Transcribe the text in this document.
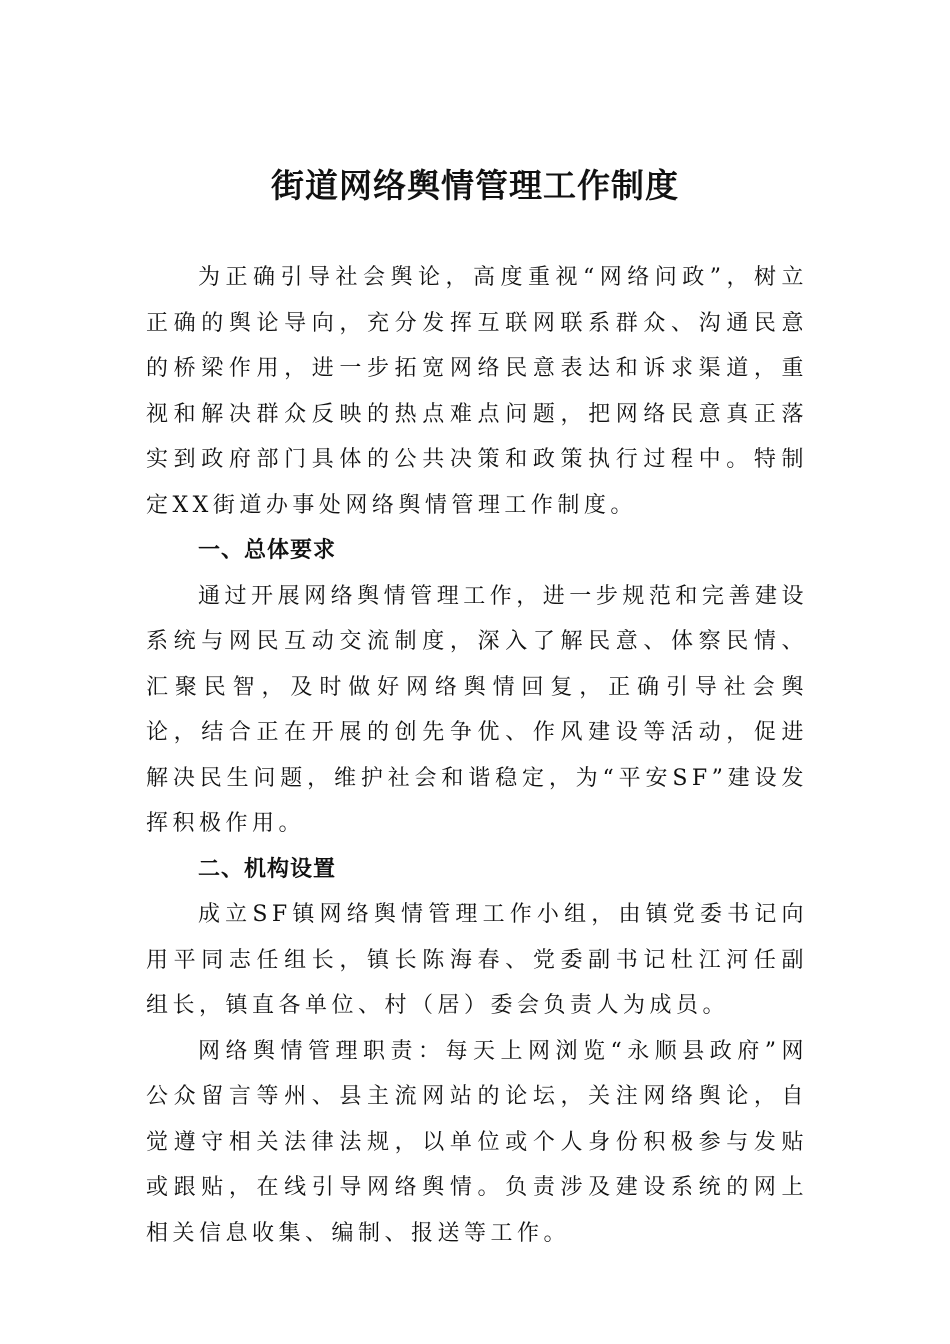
街道网络舆情管理工作制度

为正确引导社会舆论，高度重视“网络问政”，树立正确的舆论导向，充分发挥互联网联系群众、沟通民意的桥梁作用，进一步拓宽网络民意表达和诉求渠道，重视和解决群众反映的热点难点问题，把网络民意真正落实到政府部门具体的公共决策和政策执行过程中。特制定XX街道办事处网络舆情管理工作制度。

一、总体要求

通过开展网络舆情管理工作，进一步规范和完善建设系统与网民互动交流制度，深入了解民意、体察民情、汇聚民智，及时做好网络舆情回复，正确引导社会舆论，结合正在开展的创先争优、作风建设等活动，促进解决民生问题，维护社会和谐稳定，为“平安SF”建设发挥积极作用。

二、机构设置

成立SF镇网络舆情管理工作小组，由镇党委书记向用平同志任组长，镇长陈海春、党委副书记杜江河任副组长，镇直各单位、村（居）委会负责人为成员。

网络舆情管理职责：每天上网浏览“永顺县政府”网公众留言等州、县主流网站的论坛，关注网络舆论，自觉遵守相关法律法规，以单位或个人身份积极参与发贴或跟贴，在线引导网络舆情。负责涉及建设系统的网上相关信息收集、编制、报送等工作。
